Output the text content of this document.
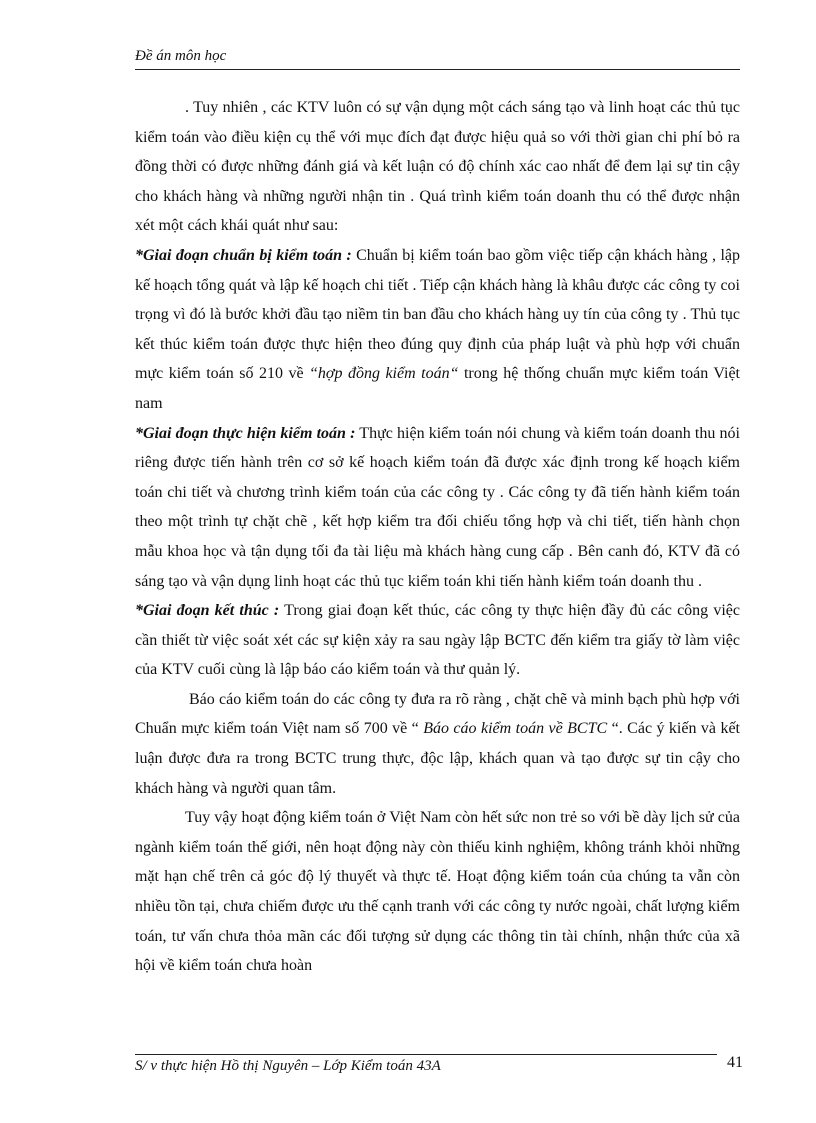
Đề án môn học

. Tuy nhiên , các KTV luôn có sự vận dụng một cách sáng tạo và linh hoạt các thủ tục kiểm toán vào điều kiện cụ thể với mục đích đạt được hiệu quả so với thời gian chi phí bỏ ra đồng thời có được những đánh giá và kết luận có độ chính xác cao nhất để đem lại sự tin cậy cho khách hàng và những người nhận tin . Quá trình kiểm toán doanh thu có thể được nhận xét một cách khái quát như sau:

*Giai đoạn chuẩn bị kiểm toán : Chuẩn bị kiểm toán bao gồm việc tiếp cận khách hàng , lập kế hoạch tổng quát và lập kế hoạch chi tiết . Tiếp cận khách hàng là khâu được các công ty coi trọng vì đó là bước khởi đầu tạo niềm tin ban đầu cho khách hàng uy tín của công ty . Thủ tục kết thúc kiểm toán được thực hiện theo đúng quy định của pháp luật và phù hợp với chuẩn mực kiểm toán số 210 về “hợp đồng kiểm toán“ trong hệ thống chuẩn mực kiểm toán Việt nam

*Giai đoạn thực hiện kiểm toán : Thực hiện kiểm toán nói chung và kiểm toán doanh thu nói riêng được tiến hành trên cơ sở kế hoạch kiểm toán đã được xác định trong kế hoạch kiểm toán chi tiết và chương trình kiểm toán của các công ty . Các công ty đã tiến hành kiểm toán theo một trình tự chặt chẽ , kết hợp kiểm tra đối chiếu tổng hợp và chi tiết, tiến hành chọn mẫu khoa học và tận dụng tối đa tài liệu mà khách hàng cung cấp . Bên canh đó, KTV đã có sáng tạo và vận dụng linh hoạt các thủ tục kiểm toán khi tiến hành kiểm toán doanh thu .

*Giai đoạn kết thúc : Trong giai đoạn kết thúc, các công ty thực hiện đầy đủ các công việc cần thiết từ việc soát xét các sự kiện xảy ra sau ngày lập BCTC đến kiểm tra giấy tờ làm việc của KTV cuối cùng là lập báo cáo kiểm toán và thư quản lý.

Báo cáo kiểm toán do các công ty đưa ra rõ ràng , chặt chẽ và minh bạch phù hợp với Chuẩn mực kiểm toán Việt nam số 700 về “ Báo cáo kiểm toán về BCTC “. Các ý kiến và kết luận được đưa ra trong BCTC trung thực, độc lập, khách quan và tạo được sự tin cậy cho khách hàng và người quan tâm.

Tuy vậy hoạt động kiểm toán ở Việt Nam còn hết sức non trẻ so với bề dày lịch sử của ngành kiểm toán thế giới, nên hoạt động này còn thiếu kinh nghiệm, không tránh khỏi những mặt hạn chế trên cả góc độ lý thuyết và thực tế. Hoạt động kiểm toán của chúng ta vẫn còn nhiều tồn tại, chưa chiếm được ưu thế cạnh tranh với các công ty nước ngoài, chất lượng kiểm toán, tư vấn chưa thỏa mãn các đối tượng sử dụng các thông tin tài chính, nhận thức của xã hội về kiểm toán chưa hoàn

S/ v thực hiện Hồ thị Nguyên – Lớp Kiểm toán 43A	41
